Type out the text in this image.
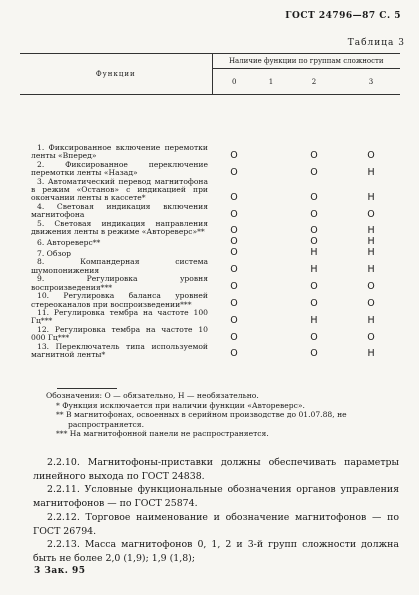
ГОСТ 24796—87 С. 5
Таблица 3
Функции	Наличие функции по группам сложности			
	0	1	2	3

1. Фиксированное включение перемотки ленты «Вперед»	О		О	О
2. Фиксированное переключение перемотки ленты «Назад»	О		О	Н
3. Автоматический перевод магнитофона в режим «Останов» с индикацией при окончании ленты в кассете*	О		О	Н
4. Световая индикация включения магнитофона	О		О	О
5. Световая индикация направления движения ленты в режиме «Автореверс»**	О		О	Н
6. Автореверс**	О		О	Н
7. Обзор	О		Н	Н
8. Компандерная система шумопонижения	О		Н	Н
9. Регулировка уровня воспроизведения***	О		О	О
10. Регулировка баланса уровней стереоканалов при воспроизведении***	О		О	О
11. Регулировка тембра на частоте 100 Гц***	О		Н	Н
12. Регулировка тембра на частоте 10 000 Гц***	О		О	О
13. Переключатель типа используемой магнитной ленты*	О		О	Н

Обозначения: О — обязательно, Н — необязательно.

* Функция исключается при наличии функции «Автореверс».

** В магнитофонах, освоенных в серийном производстве до 01.07.88, не

распространяется.

*** На магнитофонной панели не распространяется.

2.2.10. Магнитофоны-приставки должны обеспечивать параметры линейного выхода по ГОСТ 24838.

2.2.11. Условные функциональные обозначения органов управления магнитофонов — по ГОСТ 25874.

2.2.12. Торговое наименование и обозначение магнитофонов — по ГОСТ 26794.

2.2.13. Масса магнитофонов 0, 1, 2 и 3-й групп сложности должна быть не более 2,0 (1,9); 1,9 (1,8);

3 Зак. 95
